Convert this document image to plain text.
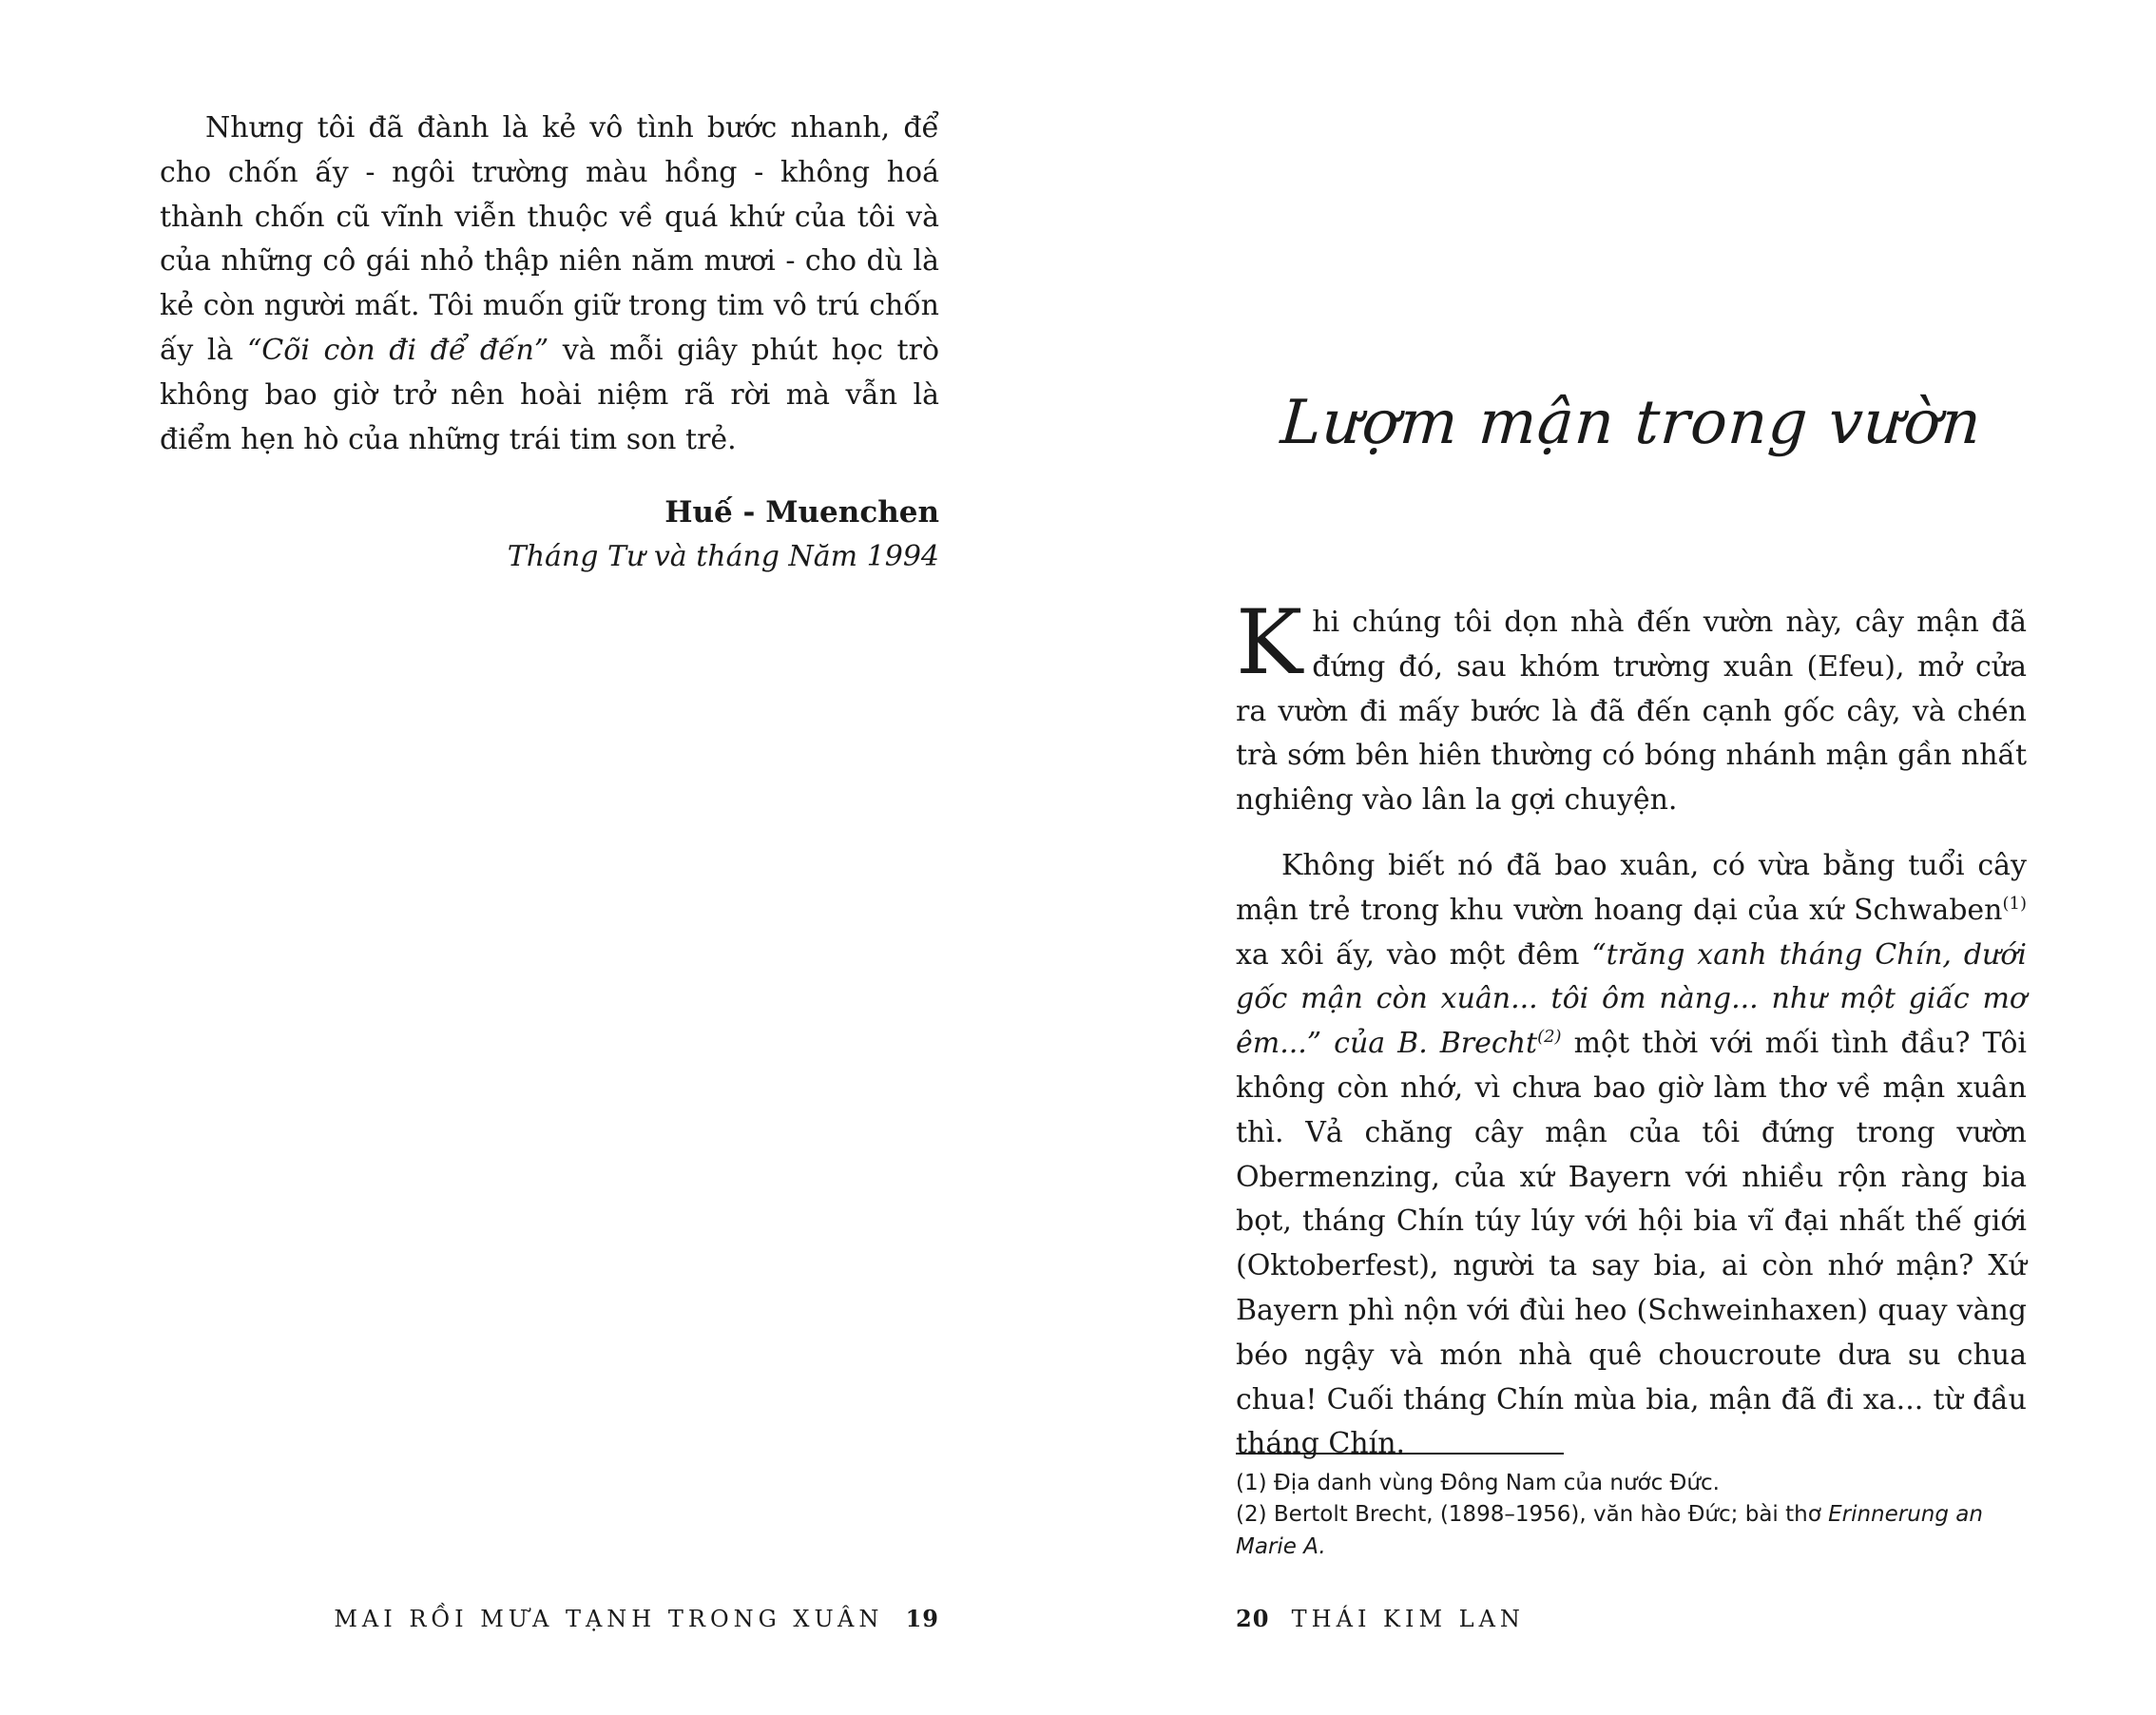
Nhưng tôi đã đành là kẻ vô tình bước nhanh, để cho chốn ấy - ngôi trường màu hồng - không hoá thành chốn cũ vĩnh viễn thuộc về quá khứ của tôi và của những cô gái nhỏ thập niên năm mươi - cho dù là kẻ còn người mất. Tôi muốn giữ trong tim vô trú chốn ấy là “Cõi còn đi để đến” và mỗi giây phút học trò không bao giờ trở nên hoài niệm rã rời mà vẫn là điểm hẹn hò của những trái tim son trẻ.

Huế - Muenchen
Tháng Tư và tháng Năm 1994
MAI RỒI MƯA TẠNH TRONG XUÂN 19
Lượm mận trong vườn

Khi chúng tôi dọn nhà đến vườn này, cây mận đã đứng đó, sau khóm trường xuân (Efeu), mở cửa ra vườn đi mấy bước là đã đến cạnh gốc cây, và chén trà sớm bên hiên thường có bóng nhánh mận gần nhất nghiêng vào lân la gợi chuyện.

Không biết nó đã bao xuân, có vừa bằng tuổi cây mận trẻ trong khu vườn hoang dại của xứ Schwaben$^{(1)}$ xa xôi ấy, vào một đêm “trăng xanh tháng Chín, dưới gốc mận còn xuân... tôi ôm nàng... như một giấc mơ êm...” của B. Brecht$^{(2)}$ một thời với mối tình đầu? Tôi không còn nhớ, vì chưa bao giờ làm thơ về mận xuân thì. Vả chăng cây mận của tôi đứng trong vườn Obermenzing, của xứ Bayern với nhiều rộn ràng bia bọt, tháng Chín túy lúy với hội bia vĩ đại nhất thế giới (Oktoberfest), người ta say bia, ai còn nhớ mận? Xứ Bayern phì nộn với đùi heo (Schweinhaxen) quay vàng béo ngậy và món nhà quê choucroute dưa su chua chua! Cuối tháng Chín mùa bia, mận đã đi xa... từ đầu tháng Chín.

(1) Địa danh vùng Đông Nam của nước Đức.

(2) Bertolt Brecht, (1898–1956), văn hào Đức; bài thơ Erinnerung an Marie A.

20 THÁI KIM LAN
